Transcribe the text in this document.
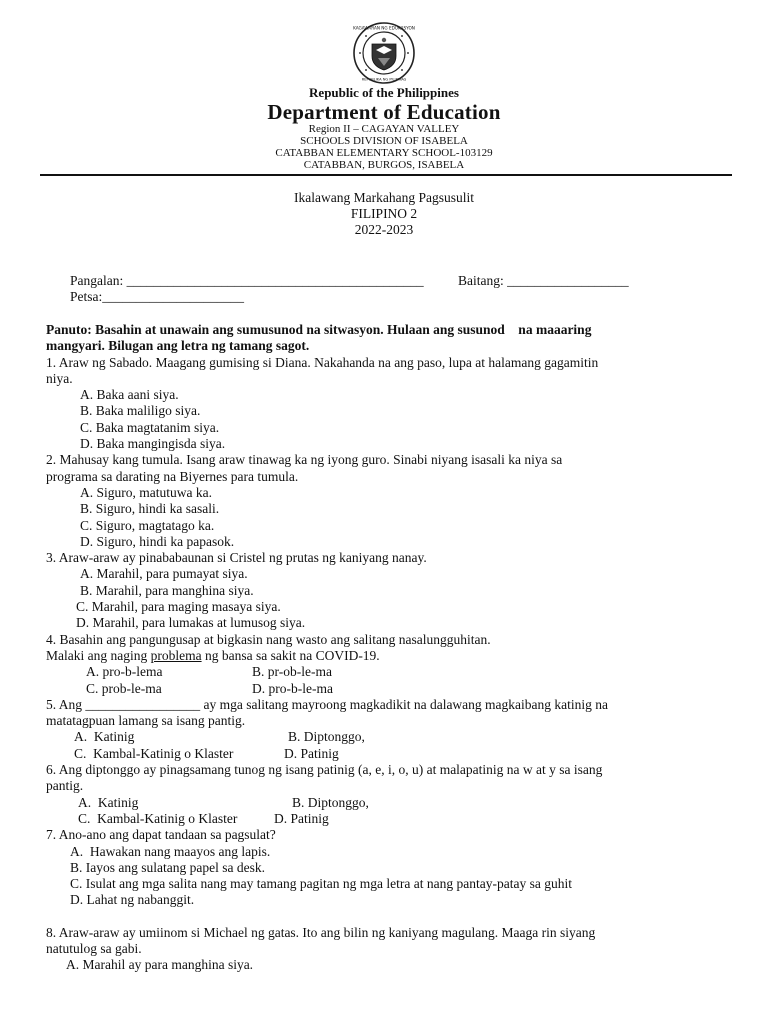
KAGAWARAN NG EDUKASYON
REPUBLIKA NG PILIPINAS
Republic of the Philippines
Department of Education
Region II – CAGAYAN VALLEY
SCHOOLS DIVISION OF ISABELA
CATABBAN ELEMENTARY SCHOOL-103129
CATABBAN, BURGOS, ISABELA
Ikalawang Markahang Pagsusulit
FILIPINO 2
2022-2023
Pangalan: ____________________________________________	Baitang: __________________
Petsa:_____________________

Panuto: Basahin at unawain ang sumusunod na sitwasyon. Hulaan ang susunod    na maaaring

mangyari. Bilugan ang letra ng tamang sagot.

1. Araw ng Sabado. Maagang gumising si Diana. Nakahanda na ang paso, lupa at halamang gagamitin

niya.

A. Baka aani siya.

B. Baka maliligo siya.

C. Baka magtatanim siya.

D. Baka mangingisda siya.

2. Mahusay kang tumula. Isang araw tinawag ka ng iyong guro. Sinabi niyang isasali ka niya sa

programa sa darating na Biyernes para tumula.

A. Siguro, matutuwa ka.

B. Siguro, hindi ka sasali.

C. Siguro, magtatago ka.

D. Siguro, hindi ka papasok.

3. Araw-araw ay pinababaunan si Cristel ng prutas ng kaniyang nanay.

A. Marahil, para pumayat siya.

B. Marahil, para manghina siya.

C. Marahil, para maging masaya siya.

D. Marahil, para lumakas at lumusog siya.

4. Basahin ang pangungusap at bigkasin nang wasto ang salitang nasalungguhitan.

Malaki ang naging problema ng bansa sa sakit na COVID-19.

A. pro-b-lema	B. pr-ob-le-ma
C. prob-le-ma	D. pro-b-le-ma

5. Ang _________________ ay mga salitang mayroong magkadikit na dalawang magkaibang katinig na

matatagpuan lamang sa isang pantig.

A.  Katinig	B. Diptonggo,
C.  Kambal-Katinig o Klaster	D. Patinig

6. Ang diptonggo ay pinagsamang tunog ng isang patinig (a, e, i, o, u) at malapatinig na w at y sa isang

pantig.

A.  Katinig	B. Diptonggo,
C.  Kambal-Katinig o Klaster	D. Patinig

7. Ano-ano ang dapat tandaan sa pagsulat?

A.  Hawakan nang maayos ang lapis.

B. Iayos ang sulatang papel sa desk.

C. Isulat ang mga salita nang may tamang pagitan ng mga letra at nang pantay-patay sa guhit

D. Lahat ng nabanggit.

8. Araw-araw ay umiinom si Michael ng gatas. Ito ang bilin ng kaniyang magulang. Maaga rin siyang

natutulog sa gabi.

A. Marahil ay para manghina siya.
